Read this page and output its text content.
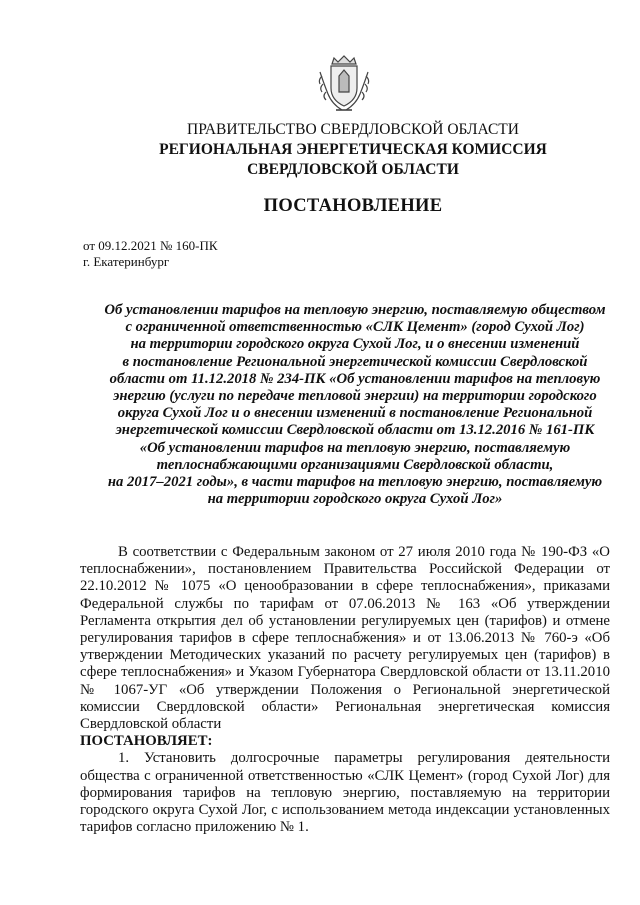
ПРАВИТЕЛЬСТВО СВЕРДЛОВСКОЙ ОБЛАСТИ
РЕГИОНАЛЬНАЯ ЭНЕРГЕТИЧЕСКАЯ КОМИССИЯ
СВЕРДЛОВСКОЙ ОБЛАСТИ
ПОСТАНОВЛЕНИЕ
от 09.12.2021 № 160-ПК
г. Екатеринбург
Об установлении тарифов на тепловую энергию, поставляемую обществом
с ограниченной ответственностью «СЛК Цемент» (город Сухой Лог)
на территории городского округа Сухой Лог, и о внесении изменений
в постановление Региональной энергетической комиссии Свердловской
области от 11.12.2018 № 234-ПК «Об установлении тарифов на тепловую
энергию (услуги по передаче тепловой энергии) на территории городского
округа Сухой Лог и о внесении изменений в постановление Региональной
энергетической комиссии Свердловской области от 13.12.2016 № 161-ПК
«Об установлении тарифов на тепловую энергию, поставляемую
теплоснабжающими организациями Свердловской области,
на 2017–2021 годы», в части тарифов на тепловую энергию, поставляемую
на территории городского округа Сухой Лог»

В соответствии с Федеральным законом от 27 июля 2010 года № 190-ФЗ «О теплоснабжении», постановлением Правительства Российской Федерации от 22.10.2012 № 1075 «О ценообразовании в сфере теплоснабжения», приказами Федеральной службы по тарифам от 07.06.2013 № 163 «Об утверждении Регламента открытия дел об установлении регулируемых цен (тарифов) и отмене регулирования тарифов в сфере теплоснабжения» и от 13.06.2013 № 760-э «Об утверждении Методических указаний по расчету регулируемых цен (тарифов) в сфере теплоснабжения» и Указом Губернатора Свердловской области от 13.11.2010 № 1067-УГ «Об утверждении Положения о Региональной энергетической комиссии Свердловской области» Региональная энергетическая комиссия Свердловской области

ПОСТАНОВЛЯЕТ:

1. Установить долгосрочные параметры регулирования деятельности общества с ограниченной ответственностью «СЛК Цемент» (город Сухой Лог) для формирования тарифов на тепловую энергию, поставляемую на территории городского округа Сухой Лог, с использованием метода индексации установленных тарифов согласно приложению № 1.
